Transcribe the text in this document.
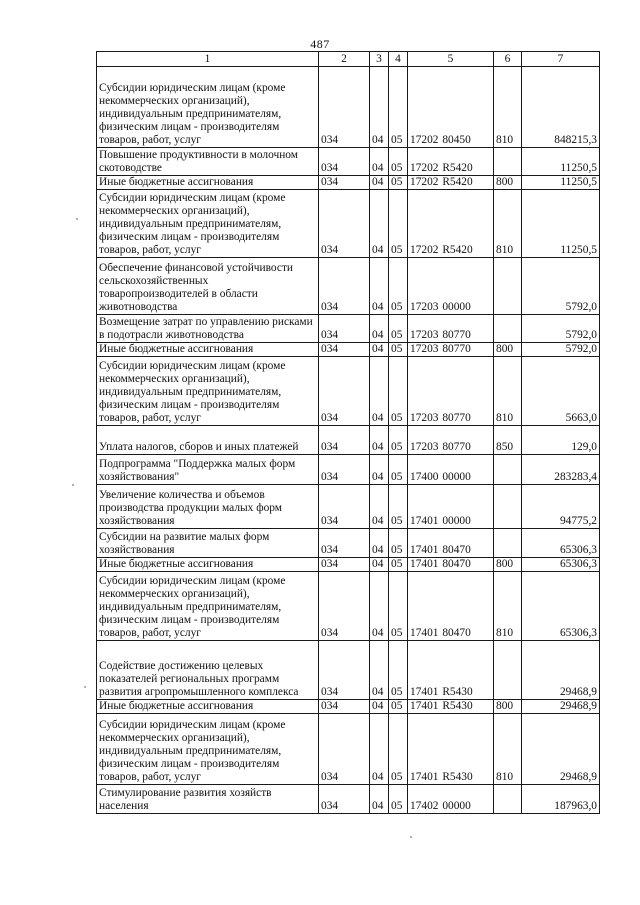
487
1	2	3	4	5	6	7
Субсидии юридическим лицам (кроме некоммерческих организаций), индивидуальным предпринимателям, физическим лицам - производителям товаров, работ, услуг	034	04	05	17202 80450	810	848215,3
Повышение продуктивности в молочном скотоводстве	034	04	05	17202 R5420		11250,5
Иные бюджетные ассигнования	034	04	05	17202 R5420	800	11250,5
Субсидии юридическим лицам (кроме некоммерческих организаций), индивидуальным предпринимателям, физическим лицам - производителям товаров, работ, услуг	034	04	05	17202 R5420	810	11250,5
Обеспечение финансовой устойчивости сельскохозяйственных товаропроизводителей в области животноводства	034	04	05	17203 00000		5792,0
Возмещение затрат по управлению рисками в подотрасли животноводства	034	04	05	17203 80770		5792,0
Иные бюджетные ассигнования	034	04	05	17203 80770	800	5792,0
Субсидии юридическим лицам (кроме некоммерческих организаций), индивидуальным предпринимателям, физическим лицам - производителям товаров, работ, услуг	034	04	05	17203 80770	810	5663,0
Уплата налогов, сборов и иных платежей	034	04	05	17203 80770	850	129,0
Подпрограмма "Поддержка малых форм хозяйствования"	034	04	05	17400 00000		283283,4
Увеличение количества и объемов производства продукции малых форм хозяйствования	034	04	05	17401 00000		94775,2
Субсидии на развитие малых форм хозяйствования	034	04	05	17401 80470		65306,3
Иные бюджетные ассигнования	034	04	05	17401 80470	800	65306,3
Субсидии юридическим лицам (кроме некоммерческих организаций), индивидуальным предпринимателям, физическим лицам - производителям товаров, работ, услуг	034	04	05	17401 80470	810	65306,3
Содействие достижению целевых показателей региональных программ развития агропромышленного комплекса	034	04	05	17401 R5430		29468,9
Иные бюджетные ассигнования	034	04	05	17401 R5430	800	29468,9
Субсидии юридическим лицам (кроме некоммерческих организаций), индивидуальным предпринимателям, физическим лицам - производителям товаров, работ, услуг	034	04	05	17401 R5430	810	29468,9
Стимулирование развития хозяйств населения	034	04	05	17402 00000		187963,0
